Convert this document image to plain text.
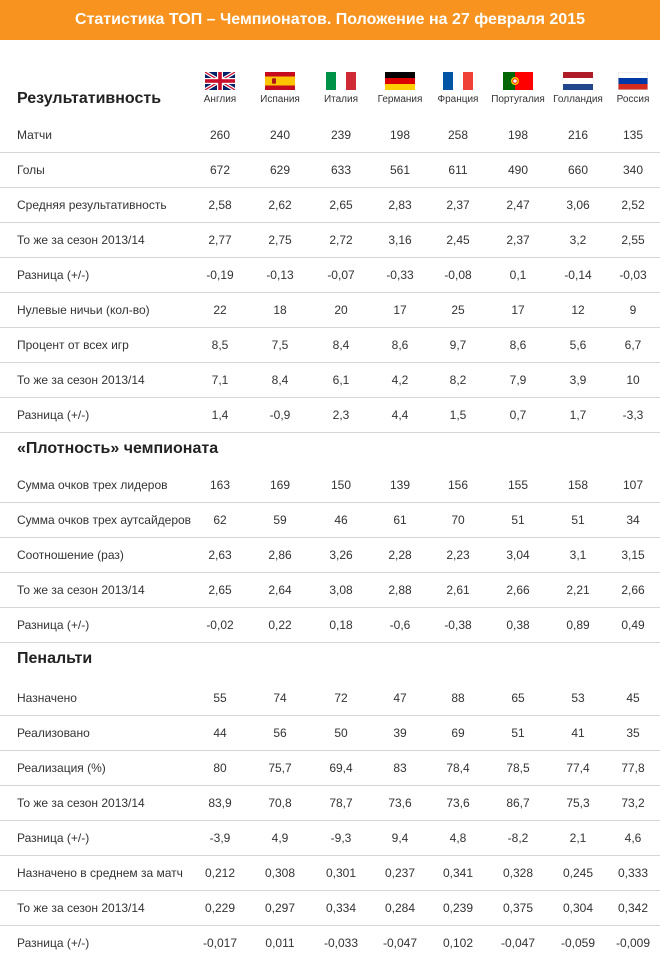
Статистика ТОП – Чемпионатов. Положение на 27 февраля 2015
Англия Испания Италия Германия Франция Португалия Голландия Россия
Результативность
Матчи	260	240	239	198	258	198	216	135
Голы	672	629	633	561	611	490	660	340
Средняя результативность	2,58	2,62	2,65	2,83	2,37	2,47	3,06	2,52
То же за сезон 2013/14	2,77	2,75	2,72	3,16	2,45	2,37	3,2	2,55
Разница (+/-)	-0,19	-0,13	-0,07	-0,33	-0,08	0,1	-0,14	-0,03
Нулевые ничьи (кол-во)	22	18	20	17	25	17	12	9
Процент от всех игр	8,5	7,5	8,4	8,6	9,7	8,6	5,6	6,7
То же за сезон 2013/14	7,1	8,4	6,1	4,2	8,2	7,9	3,9	10
Разница (+/-)	1,4	-0,9	2,3	4,4	1,5	0,7	1,7	-3,3
«Плотность» чемпионата
Сумма очков трех лидеров	163	169	150	139	156	155	158	107
Сумма очков трех аутсайдеров	62	59	46	61	70	51	51	34
Соотношение (раз)	2,63	2,86	3,26	2,28	2,23	3,04	3,1	3,15
То же за сезон 2013/14	2,65	2,64	3,08	2,88	2,61	2,66	2,21	2,66
Разница (+/-)	-0,02	0,22	0,18	-0,6	-0,38	0,38	0,89	0,49
Пенальти
Назначено	55	74	72	47	88	65	53	45
Реализовано	44	56	50	39	69	51	41	35
Реализация (%)	80	75,7	69,4	83	78,4	78,5	77,4	77,8
То же за сезон 2013/14	83,9	70,8	78,7	73,6	73,6	86,7	75,3	73,2
Разница (+/-)	-3,9	4,9	-9,3	9,4	4,8	-8,2	2,1	4,6
Назначено в среднем за матч	0,212	0,308	0,301	0,237	0,341	0,328	0,245	0,333
То же за сезон 2013/14	0,229	0,297	0,334	0,284	0,239	0,375	0,304	0,342
Разница (+/-)	-0,017	0,011	-0,033	-0,047	0,102	-0,047	-0,059	-0,009
